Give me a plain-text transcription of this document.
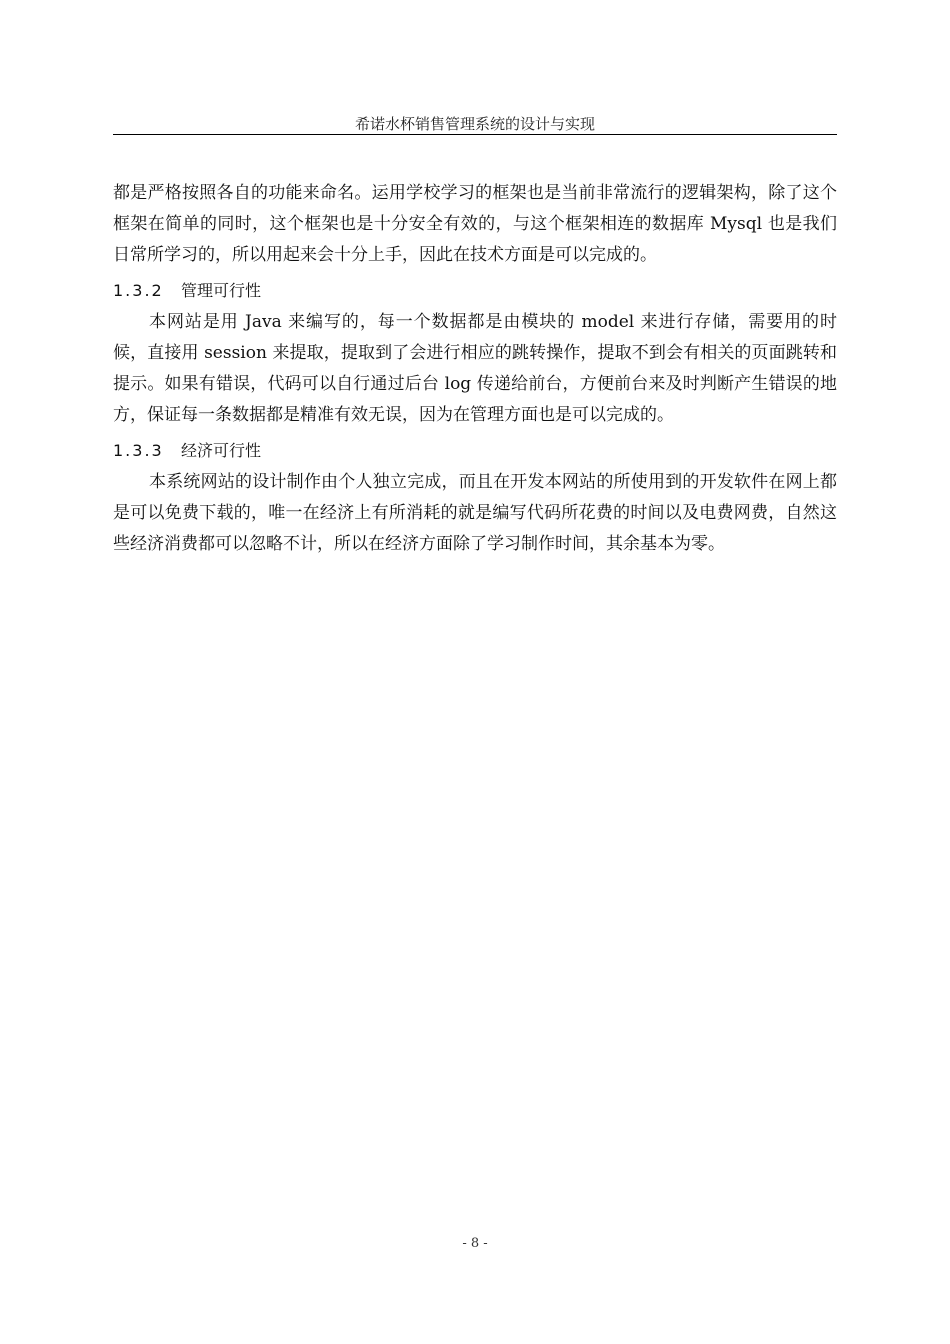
希诺水杯销售管理系统的设计与实现

都是严格按照各自的功能来命名。运用学校学习的框架也是当前非常流行的逻辑架构，除了这个框架在简单的同时，这个框架也是十分安全有效的，与这个框架相连的数据库 Mysql 也是我们日常所学习的，所以用起来会十分上手，因此在技术方面是可以完成的。

1.3.2	管理可行性

本网站是用 Java 来编写的，每一个数据都是由模块的 model 来进行存储，需要用的时候，直接用 session 来提取，提取到了会进行相应的跳转操作，提取不到会有相关的页面跳转和提示。如果有错误，代码可以自行通过后台 log 传递给前台，方便前台来及时判断产生错误的地方，保证每一条数据都是精准有效无误，因为在管理方面也是可以完成的。

1.3.3	经济可行性

本系统网站的设计制作由个人独立完成，而且在开发本网站的所使用到的开发软件在网上都是可以免费下载的，唯一在经济上有所消耗的就是编写代码所花费的时间以及电费网费，自然这些经济消费都可以忽略不计，所以在经济方面除了学习制作时间，其余基本为零。

- 8 -
